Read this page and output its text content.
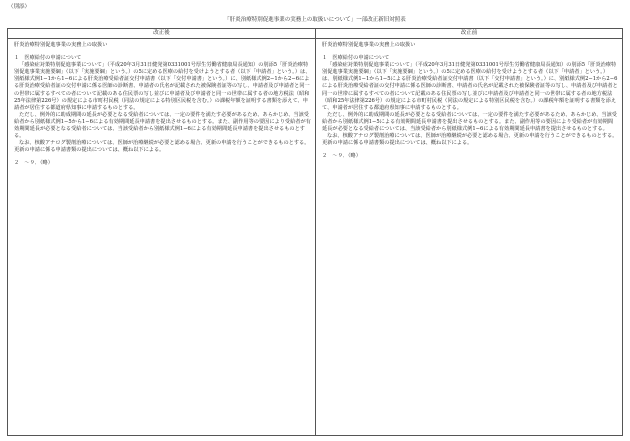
（別添）
「肝炎治療特別促進事業の実務上の取扱いについて」一部改正新旧対照表
改正後

肝炎治療特別促進事業の実務上の取扱い

１　医療給付の申請について

「感染症対策特別促進事業について」（平成20年3月31日健発第0331001号厚生労働省健康局長通知）の別添5「肝炎治療特別促進事業実施要綱」（以下「実施要綱」という。）の5に定める医療の給付を受けようとする者（以下「申請者」という。）は、別紙様式例1−1から1−6による肝炎治療受給者証交付申請書（以下「交付申請書」という。）に、別紙様式例2−1から2−6による肝炎治療受給者証の交付申請に係る医師の診断書、申請者の氏名が記載された被保険者証等の写し、申請者及び申請者と同一の世帯に属するすべての者について記載のある住民票の写し並びに申請者及び申請者と同一の世帯に属する者の地方税法（昭和25年法律第226号）の規定による市町村民税（同法の規定による特別区民税を含む。）の課税年額を証明する書類を添えて、申請者が居住する都道府県知事に申請するものとする。

ただし、例外的に助成期間の延長が必要となる受給者については、一定の要件を満たす必要があるため、あらかじめ、当該受給者から別紙様式例1−5から1−6による有効期間延長申請書を提出させるものとする。また、副作用等の要因により受給者が有効期間延長が必要となる受給者については、当該受給者から別紙様式例1−6による有効期間延長申請書を提出させるものとする。

なお、核酸アナログ製剤治療については、医師が治療継続が必要と認める場合、更新の申請を行うことができるものとする。更新の申請に係る申請書類の提出については、概ね以下による。

２　〜９．（略）

改正前

肝炎治療特別促進事業の実務上の取扱い

１　医療給付の申請について

「感染症対策特別促進事業について」（平成20年3月31日健発第0331001号厚生労働省健康局長通知）の別添5「肝炎治療特別促進事業実施要綱」（以下「実施要綱」という。）の5に定める医療の給付を受けようとする者（以下「申請者」という。）は、別紙様式例1−1から1−5による肝炎治療受給者証交付申請書（以下「交付申請書」という。）に、別紙様式例2−1から2−6による肝炎治療受給者証の交付申請に係る医師の診断書、申請者の氏名が記載された被保険者証等の写し、申請者及び申請者と同一の世帯に属するすべての者について記載のある住民票の写し並びに申請者及び申請者と同一の世帯に属する者の地方税法（昭和25年法律第226号）の規定による市町村民税（同法の規定による特別区民税を含む。）の課税年額を証明する書類を添えて、申請者が居住する都道府県知事に申請するものとする。

ただし、例外的に助成期間の延長が必要となる受給者については、一定の要件を満たす必要があるため、あらかじめ、当該受給者から別紙様式例1−5による有効期間延長申請書を提出させるものとする。また、副作用等の要因により受給者が有効期間延長が必要となる受給者については、当該受給者から別紙様式例1−6による有効期間延長申請書を提出させるものとする。

なお、核酸アナログ製剤治療については、医師が治療継続が必要と認める場合、更新の申請を行うことができるものとする。更新の申請に係る申請書類の提出については、概ね以下による。

２　〜９．（略）
